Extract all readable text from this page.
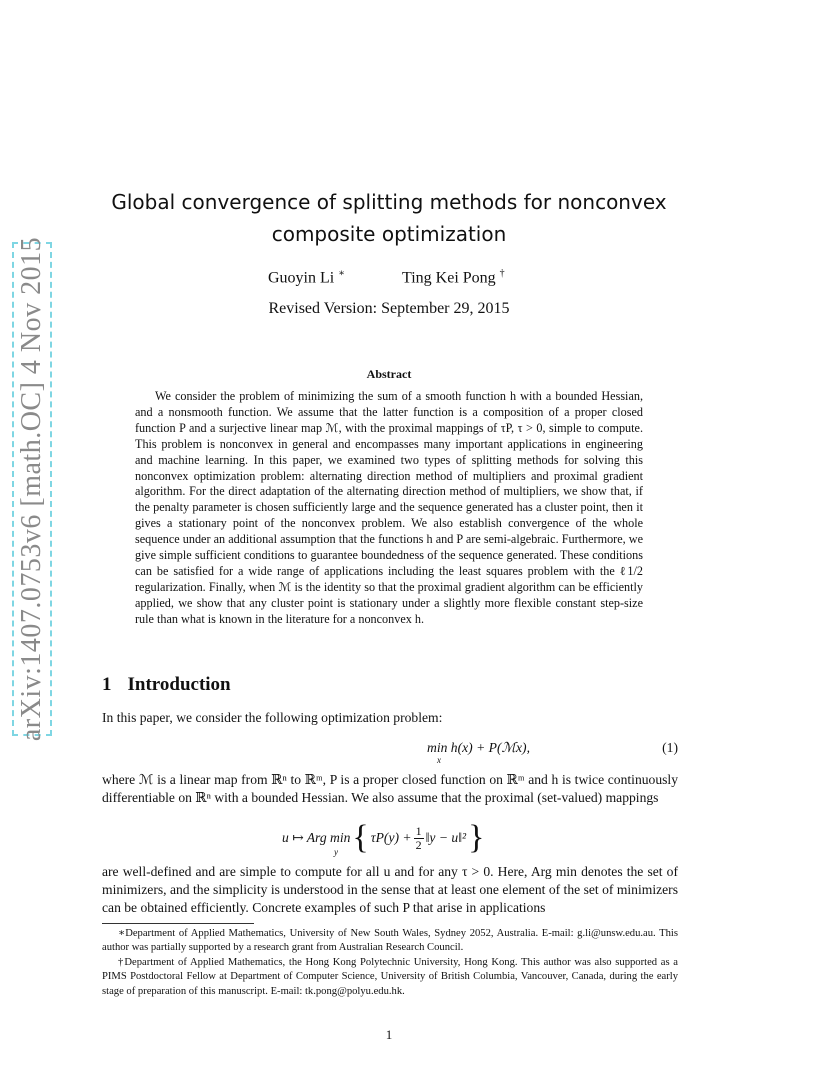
arXiv:1407.0753v6 [math.OC] 4 Nov 2015
Global convergence of splitting methods for nonconvex
composite optimization
Guoyin Li ∗	Ting Kei Pong †
Revised Version: September 29, 2015
Abstract
We consider the problem of minimizing the sum of a smooth function h with a bounded Hessian, and a nonsmooth function. We assume that the latter function is a composition of a proper closed function P and a surjective linear map ℳ, with the proximal mappings of τP, τ > 0, simple to compute. This problem is nonconvex in general and encompasses many important applications in engineering and machine learning. In this paper, we examined two types of splitting methods for solving this nonconvex optimization problem: alternating direction method of multipliers and proximal gradient algorithm. For the direct adaptation of the alternating direction method of multipliers, we show that, if the penalty parameter is chosen sufficiently large and the sequence generated has a cluster point, then it gives a stationary point of the nonconvex problem. We also establish convergence of the whole sequence under an additional assumption that the functions h and P are semi-algebraic. Furthermore, we give simple sufficient conditions to guarantee boundedness of the sequence generated. These conditions can be satisfied for a wide range of applications including the least squares problem with the ℓ1/2 regularization. Finally, when ℳ is the identity so that the proximal gradient algorithm can be efficiently applied, we show that any cluster point is stationary under a slightly more flexible constant step-size rule than what is known in the literature for a nonconvex h.
1 Introduction
In this paper, we consider the following optimization problem:
min h(x) + P(ℳx),
x
(1)
where ℳ is a linear map from ℝⁿ to ℝᵐ, P is a proper closed function on ℝᵐ and h is twice continuously differentiable on ℝⁿ with a bounded Hessian. We also assume that the proximal (set-valued) mappings
u ↦ Arg min { $\tau P(y) + \frac{1}{2}$ ‖y − u‖² }
y
are well-defined and are simple to compute for all u and for any τ > 0. Here, Arg min denotes the set of minimizers, and the simplicity is understood in the sense that at least one element of the set of minimizers can be obtained efficiently. Concrete examples of such P that arise in applications

∗Department of Applied Mathematics, University of New South Wales, Sydney 2052, Australia. E-mail: g.li@unsw.edu.au. This author was partially supported by a research grant from Australian Research Council.

†Department of Applied Mathematics, the Hong Kong Polytechnic University, Hong Kong. This author was also supported as a PIMS Postdoctoral Fellow at Department of Computer Science, University of British Columbia, Vancouver, Canada, during the early stage of preparation of this manuscript. E-mail: tk.pong@polyu.edu.hk.

1
